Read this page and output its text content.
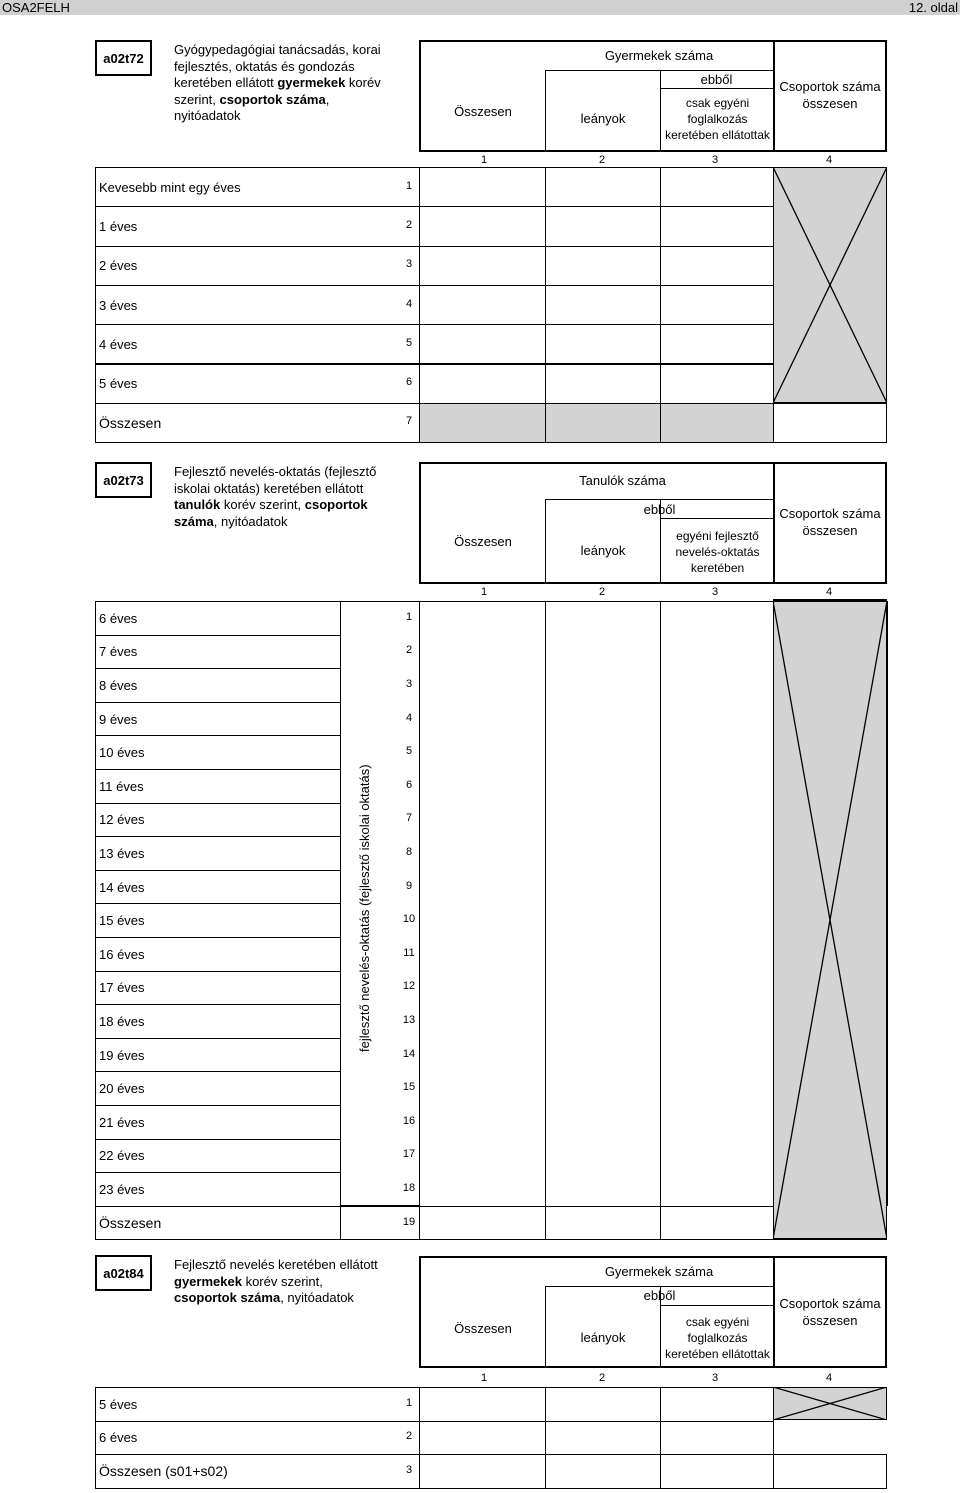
OSA2FELH	12. oldal
a02t72
Gyógypedagógiai tanácsadás, korai
fejlesztés, oktatás és gondozás
keretében ellátott gyermekek korév
szerint, csoportok száma,
nyitóadatok	Összesen
Gyermekek száma
ebből
leányok
csak egyéni foglalkozás keretében ellátottak
Csoportok száma összesen
1	2	3	4
Kevesebb mint egy éves	1
1 éves	2
2 éves	3
3 éves	4
4 éves	5
5 éves	6
Összesen	7
a02t73
Fejlesztő nevelés-oktatás (fejlesztő
iskolai oktatás) keretében ellátott
tanulók korév szerint, csoportok
száma, nyitóadatok
Összesen
Tanulók száma
ebből
leányok
egyéni fejlesztő nevelés-oktatás keretében
Csoportok száma összesen
1	2	3	4
6 éves	1
7 éves	2
8 éves	3
9 éves	4
10 éves	5
11 éves	6
12 éves	7
13 éves	8
14 éves	9
15 éves	10
16 éves	11
17 éves	12
18 éves	13
19 éves	14
20 éves	15
21 éves	16
22 éves	17
23 éves	18
Összesen	19
fejlesztő nevelés-oktatás (fejlesztő iskolai oktatás)
a02t84
Fejlesztő nevelés keretében ellátott
gyermekek korév szerint,
csoportok száma, nyitóadatok
Összesen
Gyermekek száma
ebből
leányok
csak egyéni foglalkozás keretében ellátottak
Csoportok száma összesen
1	2	3	4
5 éves	1
6 éves	2
Összesen (s01+s02)	3
